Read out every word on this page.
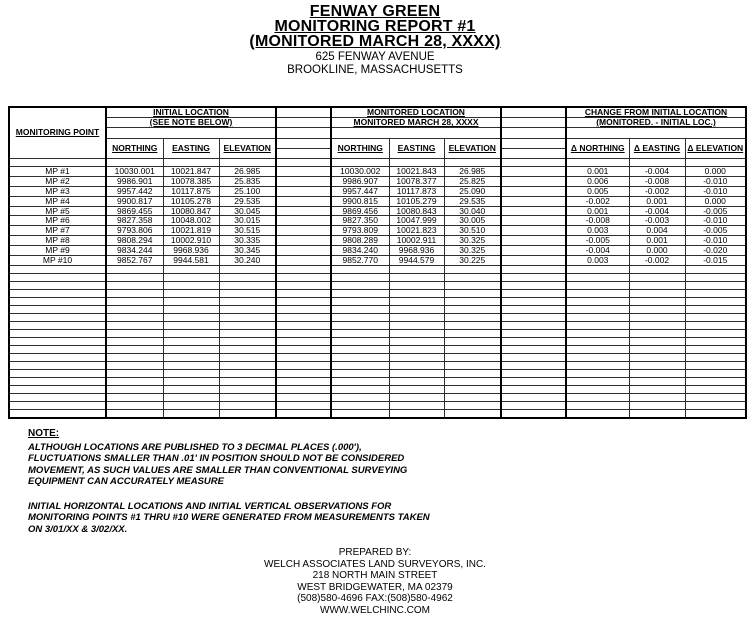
FENWAY GREEN
MONITORING REPORT #1
(MONITORED MARCH 28, XXXX)
625 FENWAY AVENUE
BROOKLINE, MASSACHUSETTS
MONITORING POINT	INITIAL LOCATION				MONITORED LOCATION				CHANGE FROM INITIAL LOCATION		
	(SEE NOTE BELOW)				MONITORED MARCH 28, XXXX				(MONITORED. - INITIAL LOC.)		

	NORTHING	EASTING	ELEVATION		NORTHING	EASTING	ELEVATION		Δ NORTHING	Δ EASTING	Δ ELEVATION

MP #1	10030.001	10021.847	26.985		10030.002	10021.843	26.985		0.001	-0.004	0.000
MP #2	9986.901	10078.385	25.835		9986.907	10078.377	25.825		0.006	-0.008	-0.010
MP #3	9957.442	10117.875	25.100		9957.447	10117.873	25.090		0.005	-0.002	-0.010
MP #4	9900.817	10105.278	29.535		9900.815	10105.279	29.535		-0.002	0.001	0.000
MP #5	9869.455	10080.847	30.045		9869.456	10080.843	30.040		0.001	-0.004	-0.005
MP #6	9827.358	10048.002	30.015		9827.350	10047.999	30.005		-0.008	-0.003	-0.010
MP #7	9793.806	10021.819	30.515		9793.809	10021.823	30.510		0.003	0.004	-0.005
MP #8	9808.294	10002.910	30.335		9808.289	10002.911	30.325		-0.005	0.001	-0.010
MP #9	9834.244	9968.936	30.345		9834.240	9968.936	30.325		-0.004	0.000	-0.020
MP #10	9852.767	9944.581	30.240		9852.770	9944.579	30.225		0.003	-0.002	-0.015

NOTE:
ALTHOUGH LOCATIONS ARE PUBLISHED TO 3 DECIMAL PLACES (.000'),
FLUCTUATIONS SMALLER THAN .01' IN POSITION SHOULD NOT BE CONSIDERED
MOVEMENT, AS SUCH VALUES ARE SMALLER THAN CONVENTIONAL SURVEYING
EQUIPMENT CAN ACCURATELY MEASURE
INITIAL HORIZONTAL LOCATIONS AND INITIAL VERTICAL OBSERVATIONS FOR
MONITORING POINTS #1 THRU #10 WERE GENERATED FROM MEASUREMENTS TAKEN
ON 3/01/XX & 3/02/XX.
PREPARED BY:
WELCH ASSOCIATES LAND SURVEYORS, INC.
218 NORTH MAIN STREET
WEST BRIDGEWATER, MA 02379
(508)580-4696 FAX:(508)580-4962
WWW.WELCHINC.COM
